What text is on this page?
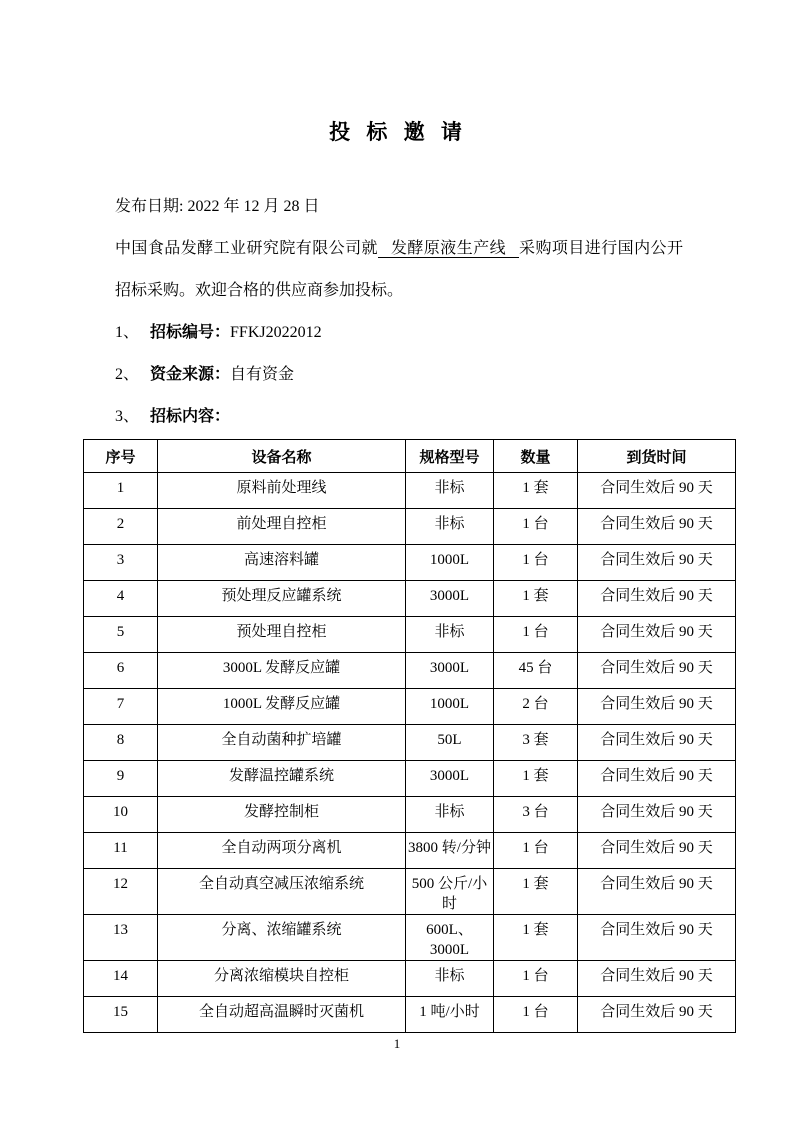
投 标 邀 请
发布日期: 2022 年 12 月 28 日
中国食品发酵工业研究院有限公司就 发酵原液生产线 采购项目进行国内公开招标采购。欢迎合格的供应商参加投标。
1、 招标编号：FFKJ2022012
2、 资金来源：自有资金
3、 招标内容：
序号	设备名称	规格型号	数量	到货时间
1	原料前处理线	非标	1 套	合同生效后 90 天
2	前处理自控柜	非标	1 台	合同生效后 90 天
3	高速溶料罐	1000L	1 台	合同生效后 90 天
4	预处理反应罐系统	3000L	1 套	合同生效后 90 天
5	预处理自控柜	非标	1 台	合同生效后 90 天
6	3000L 发酵反应罐	3000L	45 台	合同生效后 90 天
7	1000L 发酵反应罐	1000L	2 台	合同生效后 90 天
8	全自动菌种扩培罐	50L	3 套	合同生效后 90 天
9	发酵温控罐系统	3000L	1 套	合同生效后 90 天
10	发酵控制柜	非标	3 台	合同生效后 90 天
11	全自动两项分离机	3800 转/分钟	1 台	合同生效后 90 天
12	全自动真空减压浓缩系统	500 公斤/小时	1 套	合同生效后 90 天
13	分离、浓缩罐系统	600L、3000L	1 套	合同生效后 90 天
14	分离浓缩模块自控柜	非标	1 台	合同生效后 90 天
15	全自动超高温瞬时灭菌机	1 吨/小时	1 台	合同生效后 90 天
1
